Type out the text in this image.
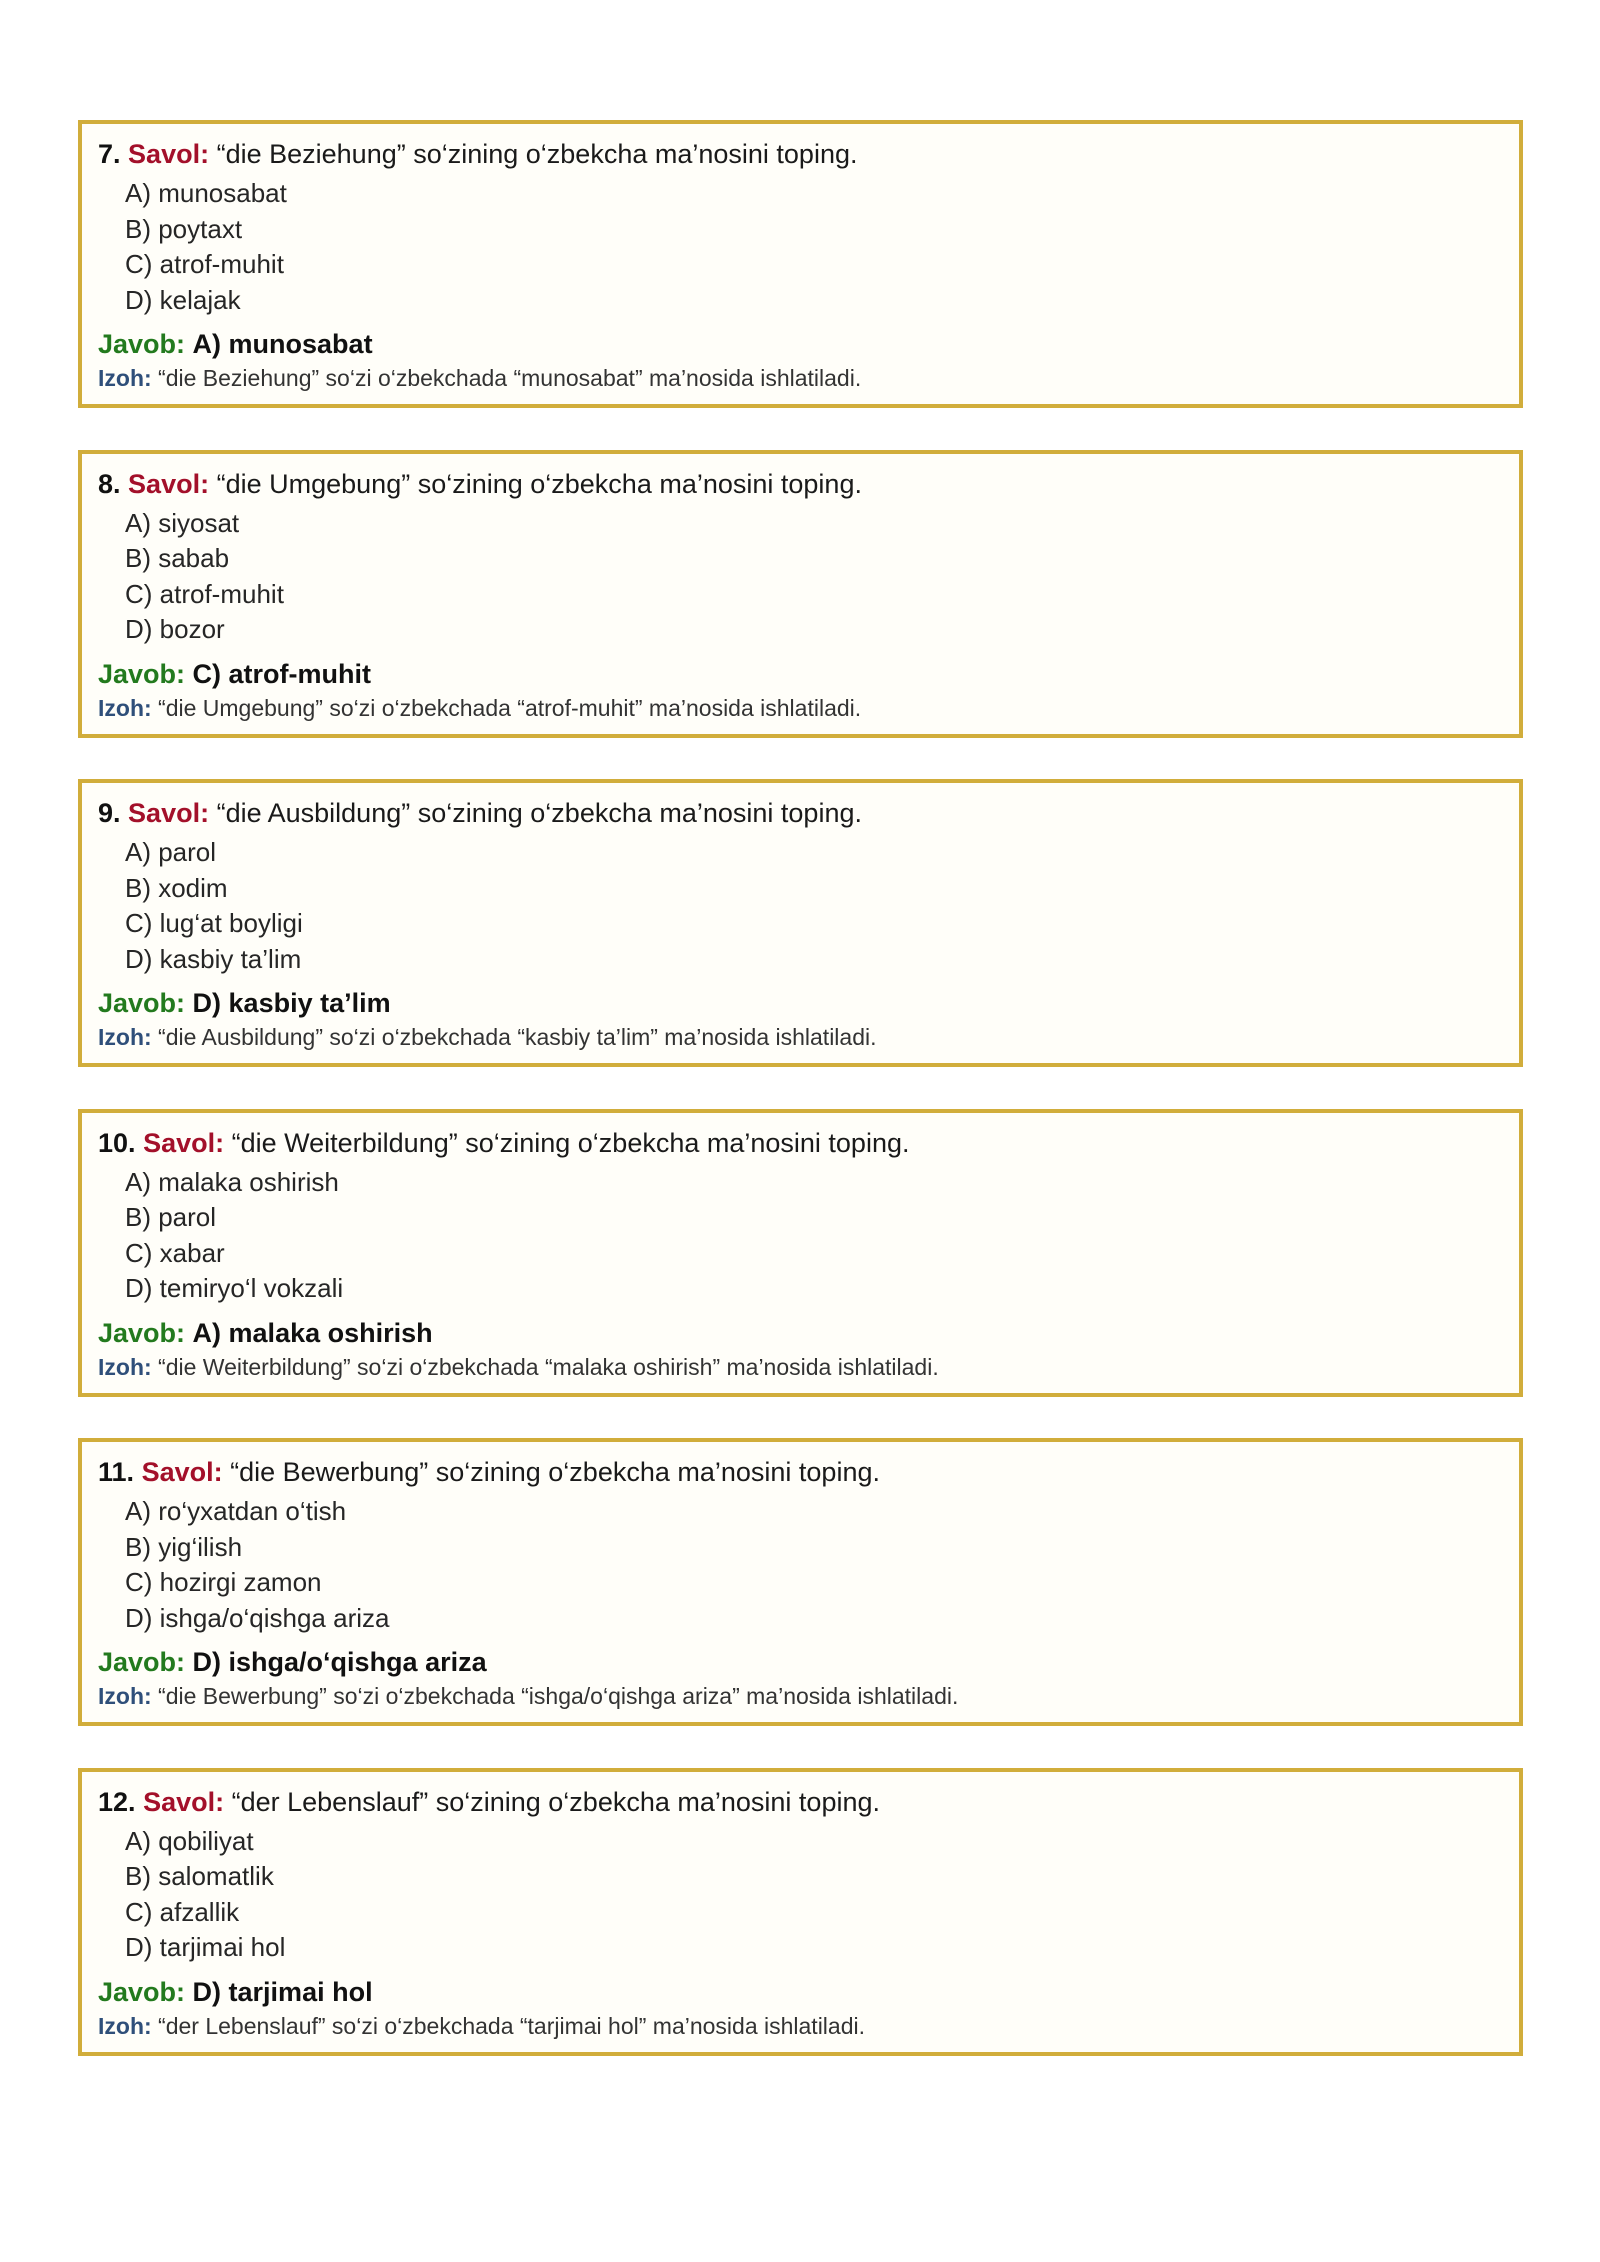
7. Savol: “die Beziehung” so‘zining o‘zbekcha ma’nosini toping.
A) munosabat
B) poytaxt
C) atrof-muhit
D) kelajak
Javob: A) munosabat
Izoh: “die Beziehung” so‘zi o‘zbekchada “munosabat” ma’nosida ishlatiladi.
8. Savol: “die Umgebung” so‘zining o‘zbekcha ma’nosini toping.
A) siyosat
B) sabab
C) atrof-muhit
D) bozor
Javob: C) atrof-muhit
Izoh: “die Umgebung” so‘zi o‘zbekchada “atrof-muhit” ma’nosida ishlatiladi.
9. Savol: “die Ausbildung” so‘zining o‘zbekcha ma’nosini toping.
A) parol
B) xodim
C) lug‘at boyligi
D) kasbiy ta’lim
Javob: D) kasbiy ta’lim
Izoh: “die Ausbildung” so‘zi o‘zbekchada “kasbiy ta’lim” ma’nosida ishlatiladi.
10. Savol: “die Weiterbildung” so‘zining o‘zbekcha ma’nosini toping.
A) malaka oshirish
B) parol
C) xabar
D) temiryo‘l vokzali
Javob: A) malaka oshirish
Izoh: “die Weiterbildung” so‘zi o‘zbekchada “malaka oshirish” ma’nosida ishlatiladi.
11. Savol: “die Bewerbung” so‘zining o‘zbekcha ma’nosini toping.
A) ro‘yxatdan o‘tish
B) yig‘ilish
C) hozirgi zamon
D) ishga/o‘qishga ariza
Javob: D) ishga/o‘qishga ariza
Izoh: “die Bewerbung” so‘zi o‘zbekchada “ishga/o‘qishga ariza” ma’nosida ishlatiladi.
12. Savol: “der Lebenslauf” so‘zining o‘zbekcha ma’nosini toping.
A) qobiliyat
B) salomatlik
C) afzallik
D) tarjimai hol
Javob: D) tarjimai hol
Izoh: “der Lebenslauf” so‘zi o‘zbekchada “tarjimai hol” ma’nosida ishlatiladi.
